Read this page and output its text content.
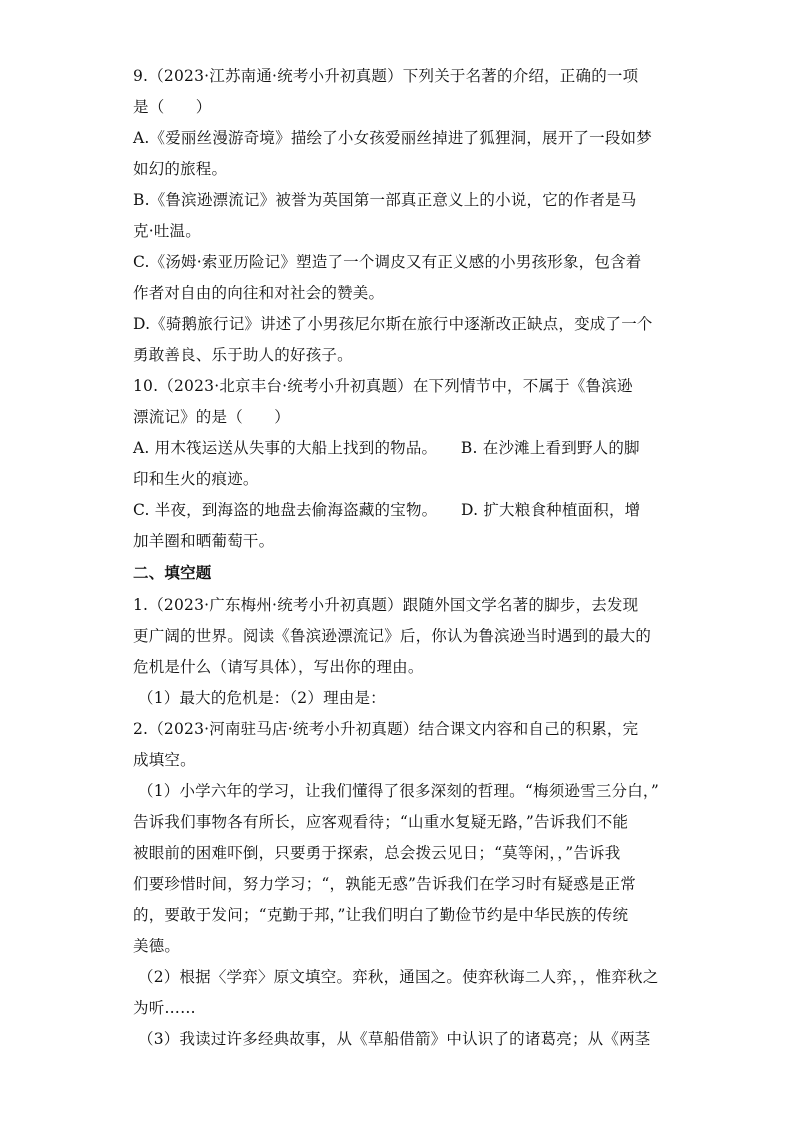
9.（2023·江苏南通·统考小升初真题）下列关于名著的介绍，正确的一项
是（　　）
A.《爱丽丝漫游奇境》描绘了小女孩爱丽丝掉进了狐狸洞，展开了一段如梦
如幻的旅程。
B.《鲁滨逊漂流记》被誉为英国第一部真正意义上的小说，它的作者是马
克·吐温。
C.《汤姆·索亚历险记》塑造了一个调皮又有正义感的小男孩形象，包含着
作者对自由的向往和对社会的赞美。
D.《骑鹅旅行记》讲述了小男孩尼尔斯在旅行中逐渐改正缺点，变成了一个
勇敢善良、乐于助人的好孩子。
10.（2023·北京丰台·统考小升初真题）在下列情节中，不属于《鲁滨逊
漂流记》的是（　　）
A. 用木筏运送从失事的大船上找到的物品。　　B. 在沙滩上看到野人的脚
印和生火的痕迹。
C. 半夜，到海盗的地盘去偷海盗藏的宝物。　　D. 扩大粮食种植面积，增
加羊圈和晒葡萄干。
二、填空题
1.（2023·广东梅州·统考小升初真题）跟随外国文学名著的脚步，去发现
更广阔的世界。阅读《鲁滨逊漂流记》后，你认为鲁滨逊当时遇到的最大的
危机是什么（请写具体），写出你的理由。
（1）最大的危机是：（2）理由是：
2.（2023·河南驻马店·统考小升初真题）结合课文内容和自己的积累，完
成填空。
（1）小学六年的学习，让我们懂得了很多深刻的哲理。“梅须逊雪三分白，”
告诉我们事物各有所长，应客观看待；“山重水复疑无路，”告诉我们不能
被眼前的困难吓倒，只要勇于探索，总会拨云见日；“莫等闲，，”告诉我
们要珍惜时间，努力学习；“，孰能无惑”告诉我们在学习时有疑惑是正常
的，要敢于发问；“克勤于邦，”让我们明白了勤俭节约是中华民族的传统
美德。
（2）根据〈学弈〉原文填空。弈秋，通国之。使弈秋诲二人弈，，惟弈秋之
为听……
（3）我读过许多经典故事，从《草船借箭》中认识了的诸葛亮；从《两茎
